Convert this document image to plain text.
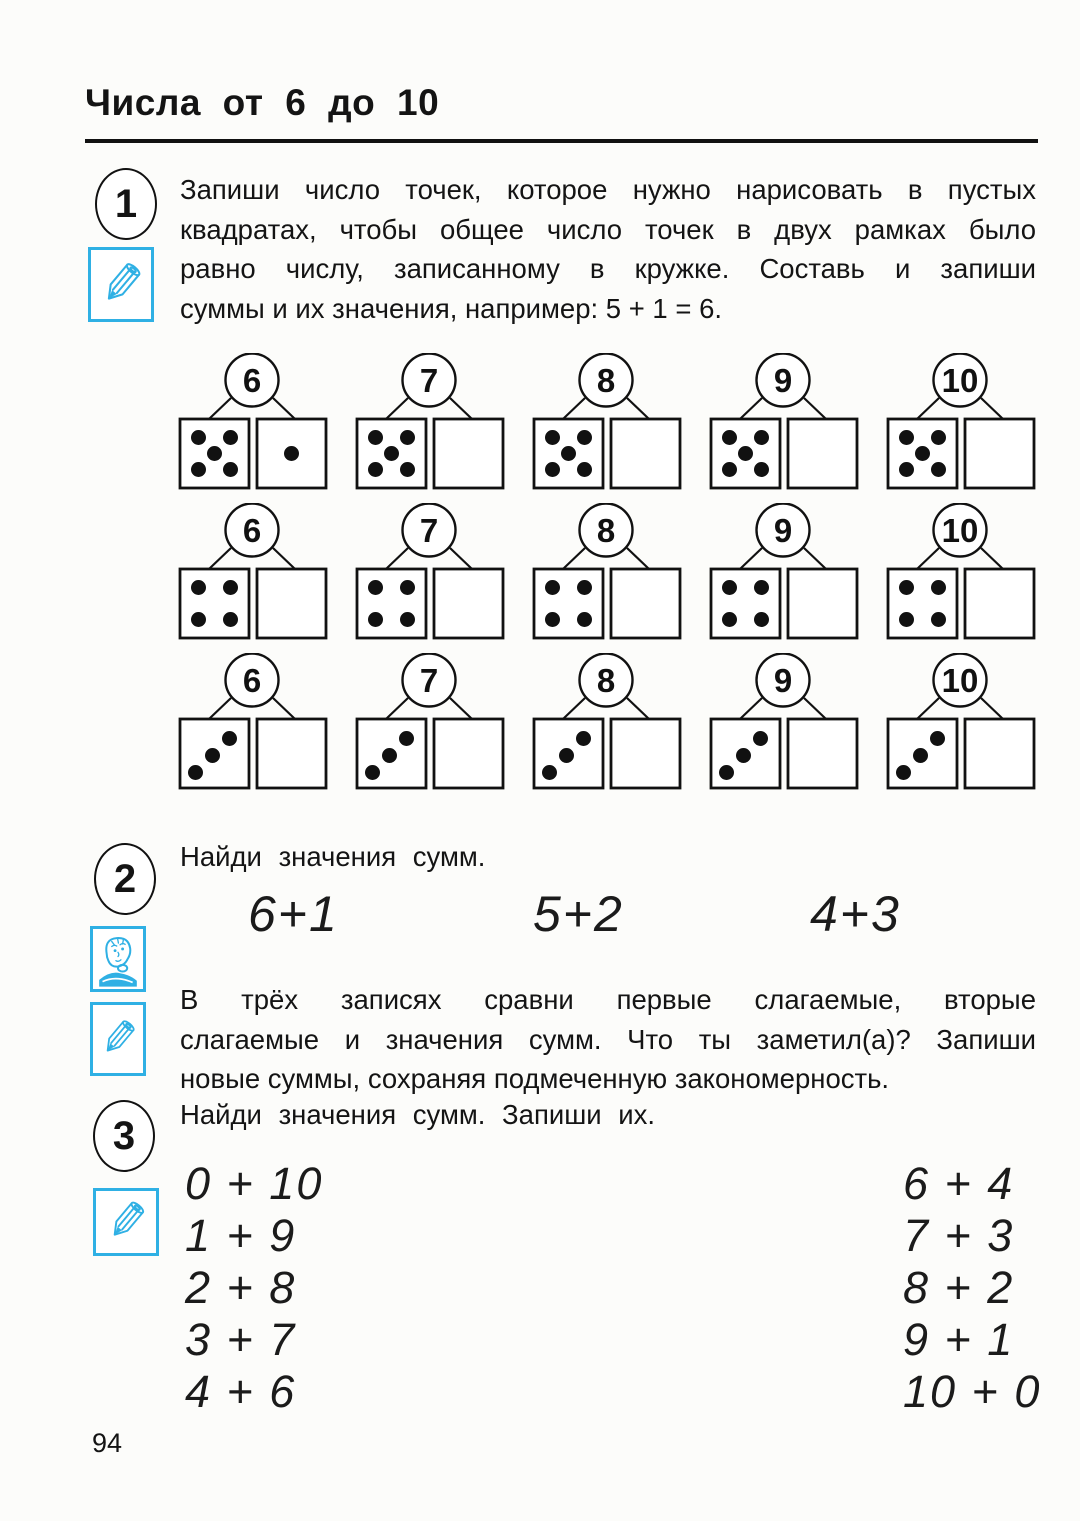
Числа от 6 до 10
1 Запиши число точек, которое нужно нарисовать в пустых
квадратах, чтобы общее число точек в двух рамках было
равно числу, записанному в кружке. Составь и запиши
суммы и их значения, например: 5 + 1 = 6.
6	7	8	9	10
6	7	8	9	10
6	7	8	9	10
2 Найди значения сумм.
6+1	5+2	4+3
В трёх записях сравни первые слагаемые, вторые
слагаемые и значения сумм. Что ты заметил(а)? Запиши
новые суммы, сохраняя подмеченную закономерность.
3 Найди значения сумм. Запиши их.
0 + 10
1 + 9
2 + 8
3 + 7
4 + 6
6 + 4
7 + 3
8 + 2
9 + 1
10 + 0
94
